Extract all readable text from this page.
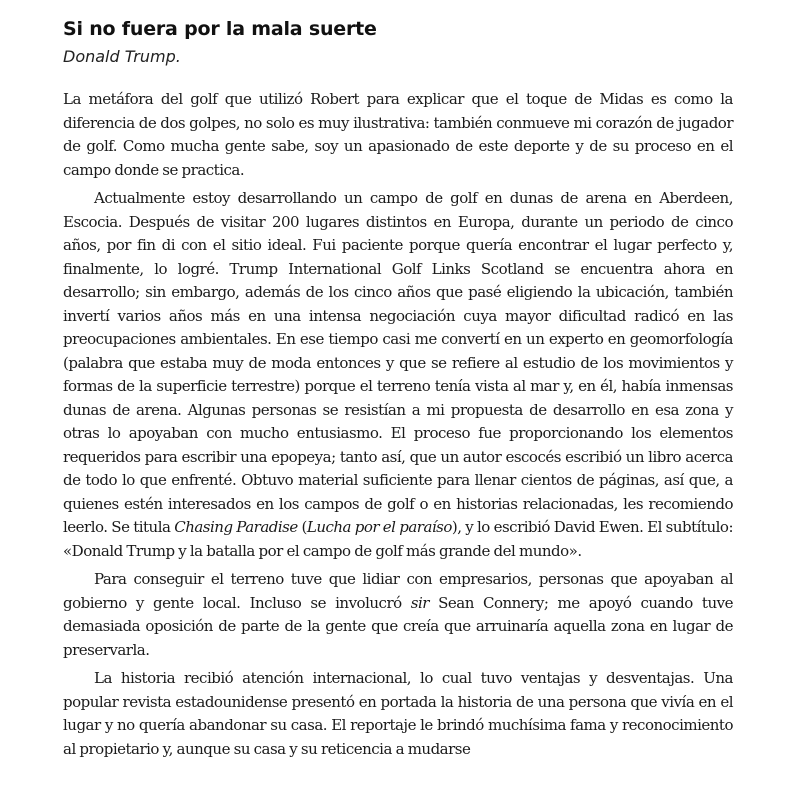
Si no fuera por la mala suerte
Donald Trump.

La metáfora del golf que utilizó Robert para explicar que el toque de Midas es como la diferencia de dos golpes, no solo es muy ilustrativa: también conmueve mi corazón de jugador de golf. Como mucha gente sabe, soy un apasionado de este deporte y de su proceso en el campo donde se practica.

Actualmente estoy desarrollando un campo de golf en dunas de arena en Aberdeen, Escocia. Después de visitar 200 lugares distintos en Europa, durante un periodo de cinco años, por fin di con el sitio ideal. Fui paciente porque quería encontrar el lugar perfecto y, finalmente, lo logré. Trump International Golf Links Scotland se encuentra ahora en desarrollo; sin embargo, además de los cinco años que pasé eligiendo la ubicación, también invertí varios años más en una intensa negociación cuya mayor dificultad radicó en las preocupaciones ambientales. En ese tiempo casi me convertí en un experto en geomorfología (palabra que estaba muy de moda entonces y que se refiere al estudio de los movimientos y formas de la superficie terrestre) porque el terreno tenía vista al mar y, en él, había inmensas dunas de arena. Algunas personas se resistían a mi propuesta de desarrollo en esa zona y otras lo apoyaban con mucho entusiasmo. El proceso fue proporcionando los elementos requeridos para escribir una epopeya; tanto así, que un autor escocés escribió un libro acerca de todo lo que enfrenté. Obtuvo material suficiente para llenar cientos de páginas, así que, a quienes estén interesados en los campos de golf o en historias relacionadas, les recomiendo leerlo. Se titula Chasing Paradise (Lucha por el paraíso), y lo escribió David Ewen. El subtítulo: «Donald Trump y la batalla por el campo de golf más grande del mundo».

Para conseguir el terreno tuve que lidiar con empresarios, personas que apoyaban al gobierno y gente local. Incluso se involucró sir Sean Connery; me apoyó cuando tuve demasiada oposición de parte de la gente que creía que arruinaría aquella zona en lugar de preservarla.

La historia recibió atención internacional, lo cual tuvo ventajas y desventajas. Una popular revista estadounidense presentó en portada la historia de una persona que vivía en el lugar y no quería abandonar su casa. El reportaje le brindó muchísima fama y reconocimiento al propietario y, aunque su casa y su reticencia a mudarse
